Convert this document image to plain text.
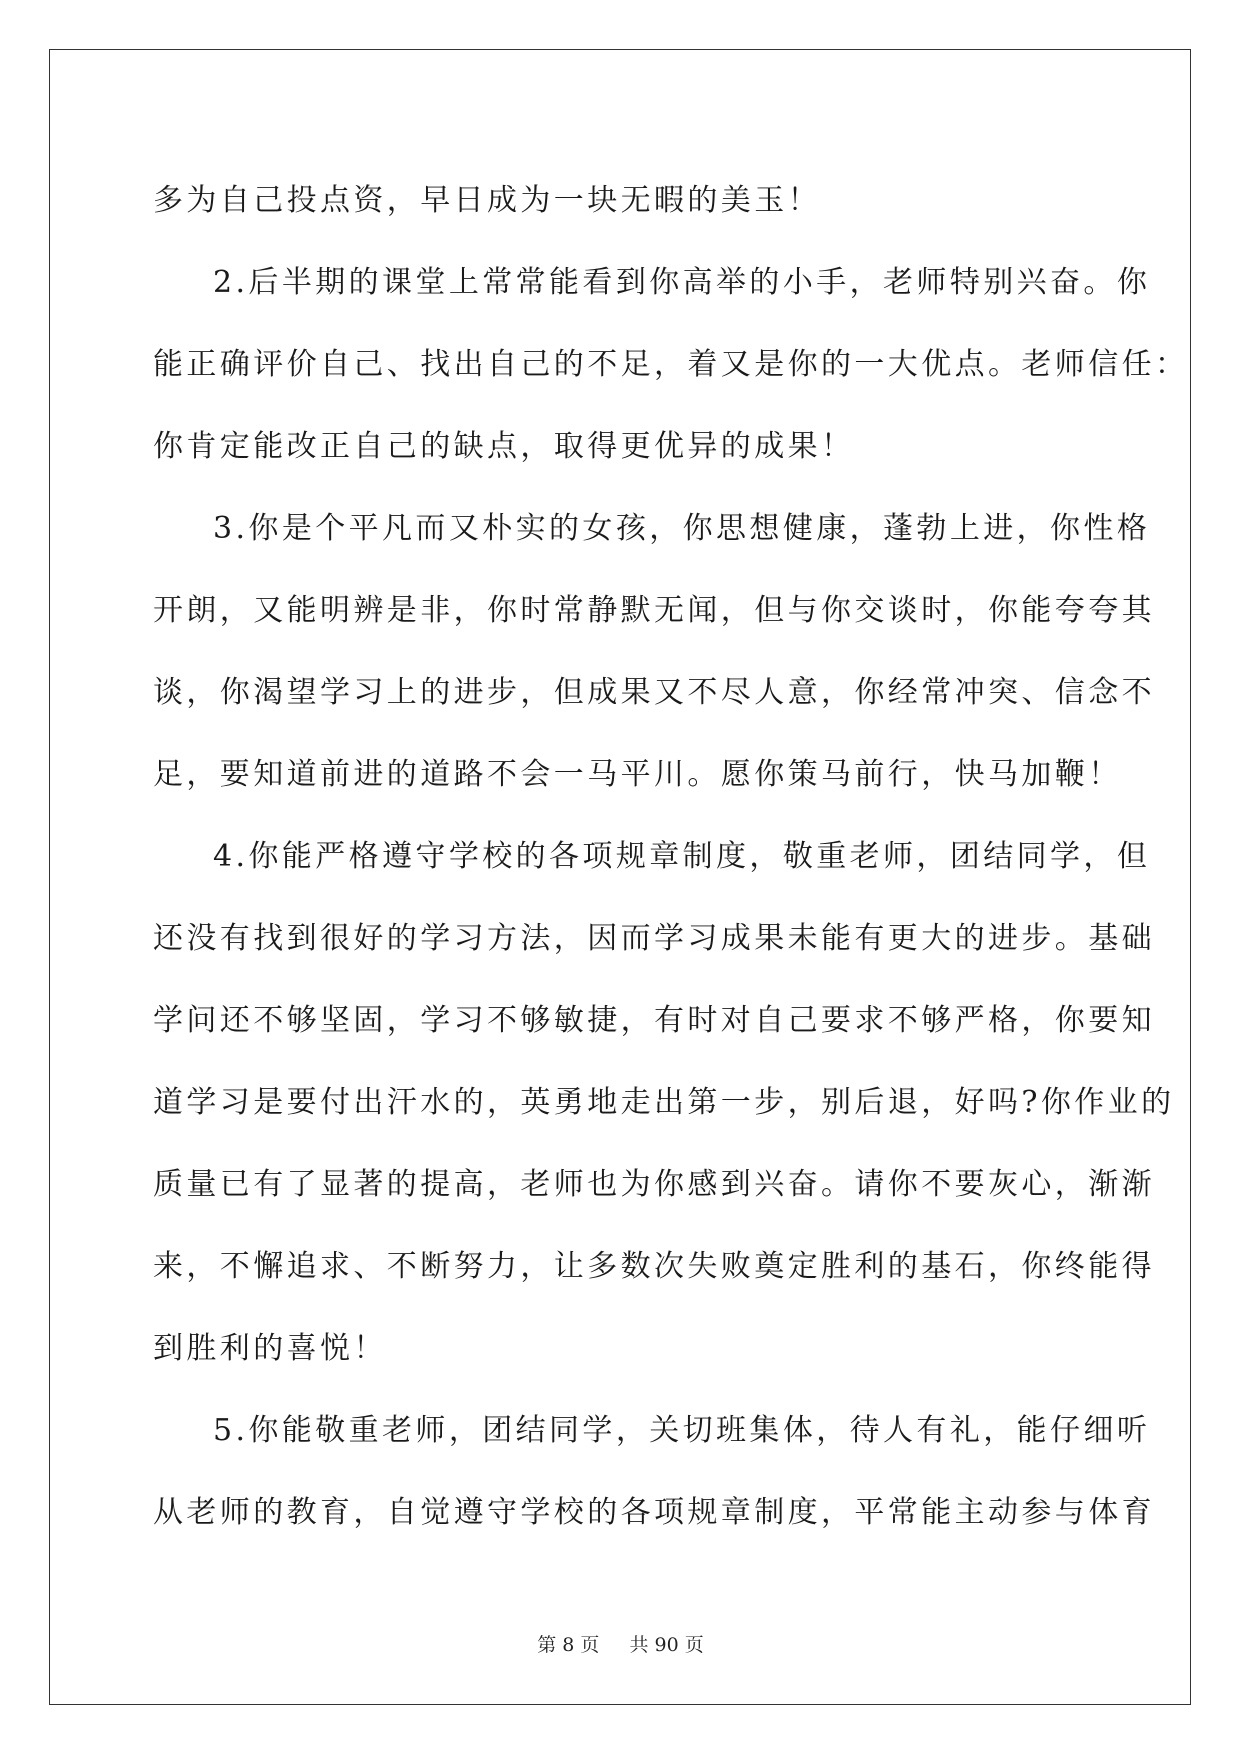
多为自己投点资，早日成为一块无暇的美玉！
2.后半期的课堂上常常能看到你高举的小手，老师特别兴奋。你
能正确评价自己、找出自己的不足，着又是你的一大优点。老师信任：
你肯定能改正自己的缺点，取得更优异的成果！
3.你是个平凡而又朴实的女孩，你思想健康，蓬勃上进，你性格
开朗，又能明辨是非，你时常静默无闻，但与你交谈时，你能夸夸其
谈，你渴望学习上的进步，但成果又不尽人意，你经常冲突、信念不
足，要知道前进的道路不会一马平川。愿你策马前行，快马加鞭！
4.你能严格遵守学校的各项规章制度，敬重老师，团结同学，但
还没有找到很好的学习方法，因而学习成果未能有更大的进步。基础
学问还不够坚固，学习不够敏捷，有时对自己要求不够严格，你要知
道学习是要付出汗水的，英勇地走出第一步，别后退，好吗?你作业的
质量已有了显著的提高，老师也为你感到兴奋。请你不要灰心，渐渐
来，不懈追求、不断努力，让多数次失败奠定胜利的基石，你终能得
到胜利的喜悦！
5.你能敬重老师，团结同学，关切班集体，待人有礼，能仔细听
从老师的教育，自觉遵守学校的各项规章制度，平常能主动参与体育
第 8 页 共 90 页
